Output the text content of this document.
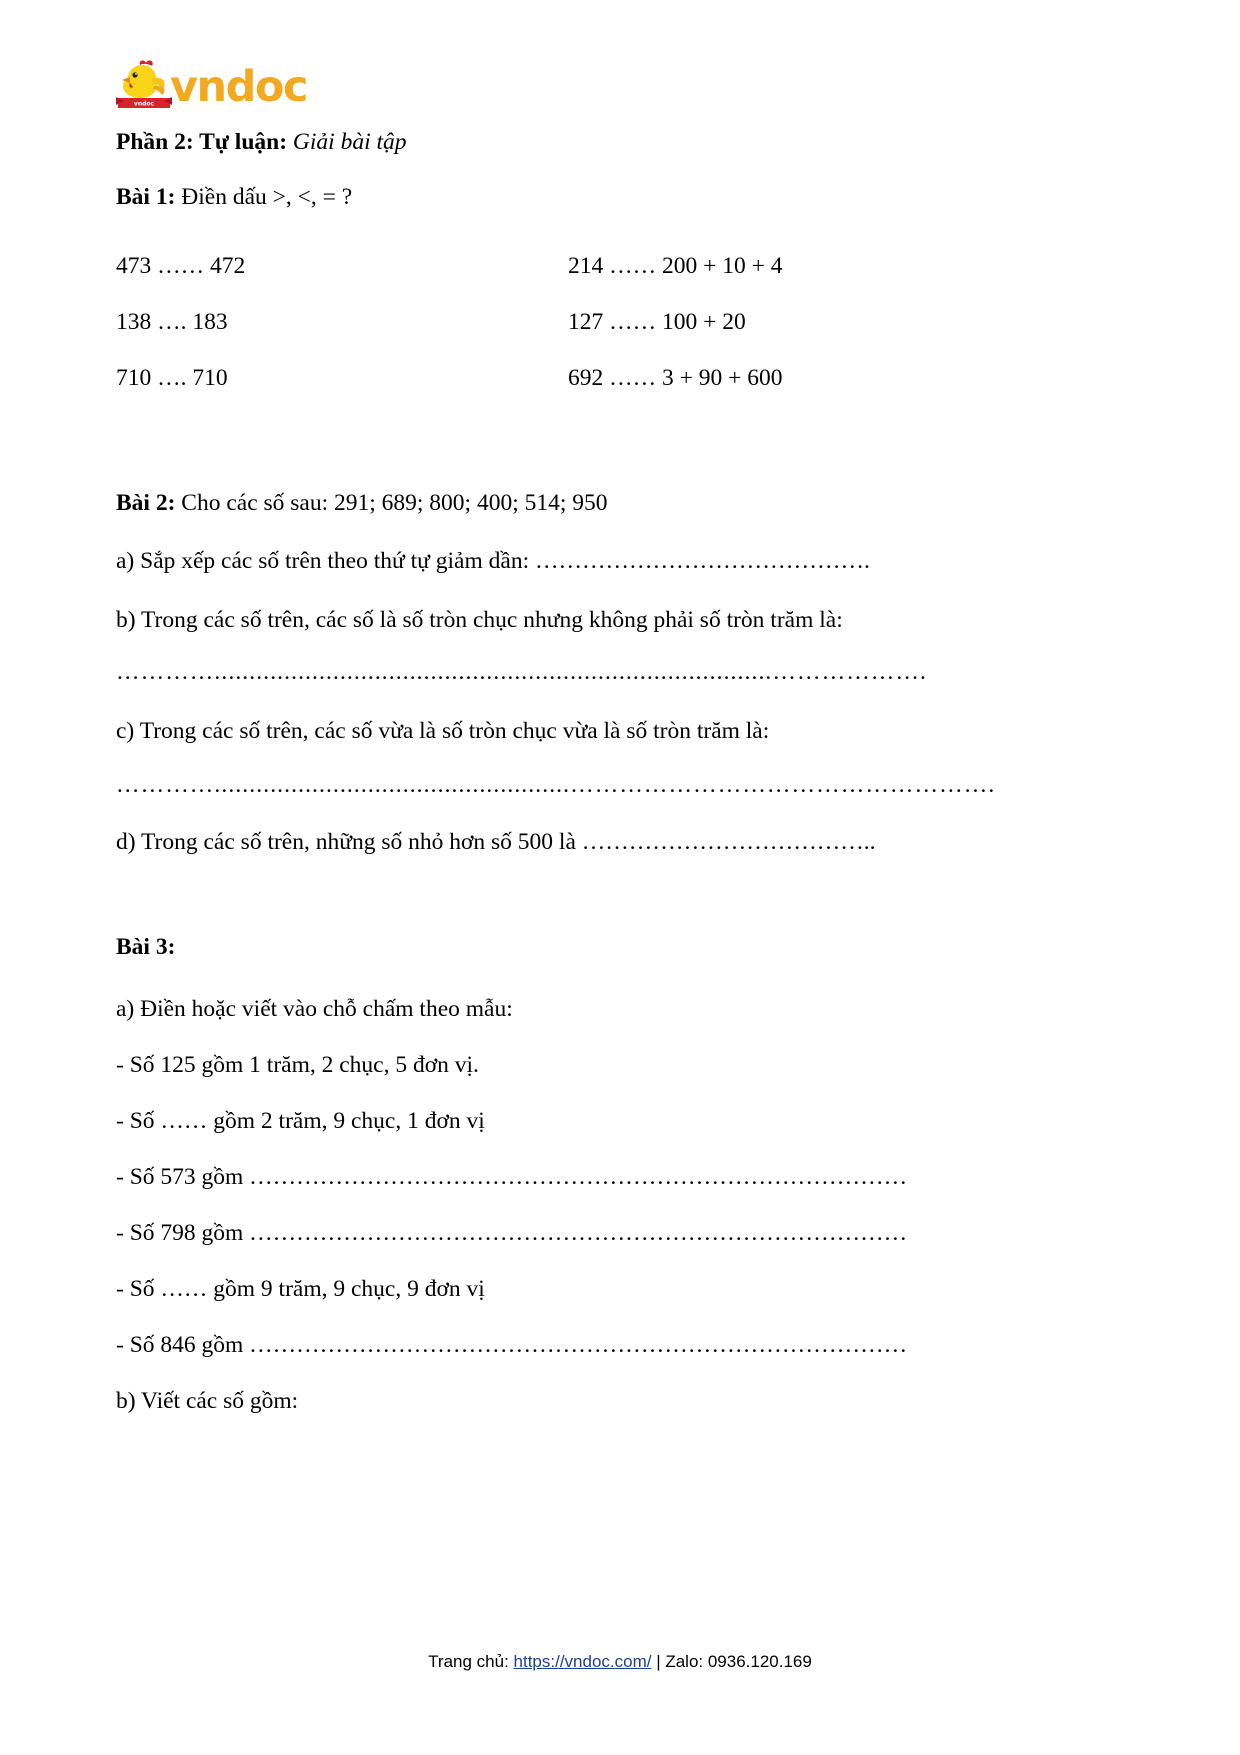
vndoc vndoc
Phần 2: Tự luận: Giải bài tập
Bài 1: Điền dấu >, <, = ?
473 …… 472	214 …… 200 + 10 + 4
138 …. 183	127 …… 100 + 20
710 …. 710	692 …… 3 + 90 + 600
Bài 2: Cho các số sau: 291; 689; 800; 400; 514; 950
a) Sắp xếp các số trên theo thứ tự giảm dần: …………………………………….
b) Trong các số trên, các số là số tròn chục nhưng không phải số tròn trăm là:
…………................................................................................……………….
c) Trong các số trên, các số vừa là số tròn chục vừa là số tròn trăm là:
…………...................................................…………………………………………….
d) Trong các số trên, những số nhỏ hơn số 500 là ………………………………..
Bài 3:
a) Điền hoặc viết vào chỗ chấm theo mẫu:
- Số 125 gồm 1 trăm, 2 chục, 5 đơn vị.
- Số …… gồm 2 trăm, 9 chục, 1 đơn vị
- Số 573 gồm …………………………………………………………………………
- Số 798 gồm …………………………………………………………………………
- Số …… gồm 9 trăm, 9 chục, 9 đơn vị
- Số 846 gồm …………………………………………………………………………
b) Viết các số gồm:
Trang chủ: https://vndoc.com/ | Zalo: 0936.120.169
